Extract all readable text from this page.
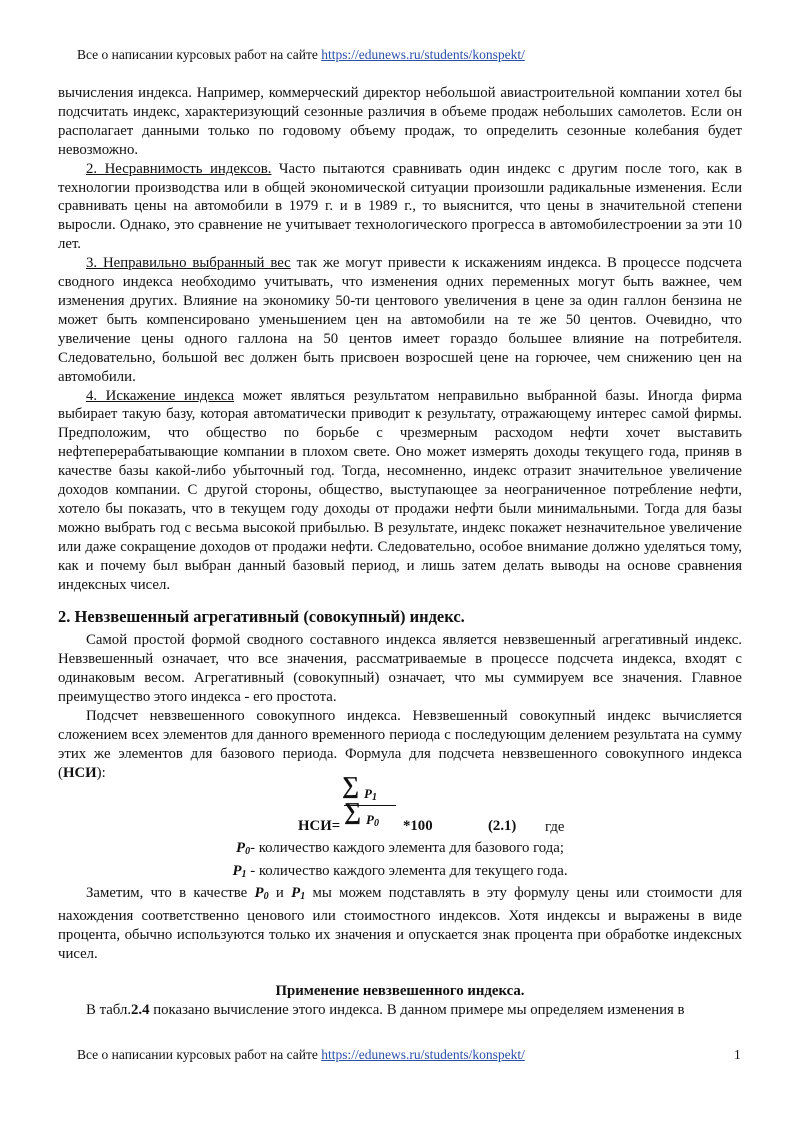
Все о написании курсовых работ на сайте https://edunews.ru/students/konspekt/

вычисления индекса. Например, коммерческий директор небольшой авиастроительной компании хотел бы подсчитать индекс, характеризующий сезонные различия в объеме продаж небольших самолетов. Если он располагает данными только по годовому объему продаж, то определить сезонные колебания будет невозможно.

2. Несравнимость индексов. Часто пытаются сравнивать один индекс с другим после того, как в технологии производства или в общей экономической ситуации произошли радикальные изменения. Если сравнивать цены на автомобили в 1979 г. и в 1989 г., то выяснится, что цены в значительной степени выросли. Однако, это сравнение не учитывает технологического прогресса в автомобилестроении за эти 10 лет.

3. Неправильно выбранный вес так же могут привести к искажениям индекса. В процессе подсчета сводного индекса необходимо учитывать, что изменения одних переменных могут быть важнее, чем изменения других. Влияние на экономику 50-ти центового увеличения в цене за один галлон бензина не может быть компенсировано уменьшением цен на автомобили на те же 50 центов. Очевидно, что увеличение цены одного галлона на 50 центов имеет гораздо большее влияние на потребителя. Следовательно, большой вес должен быть присвоен возросшей цене на горючее, чем снижению цен на автомобили.

4. Искажение индекса может являться результатом неправильно выбранной базы. Иногда фирма выбирает такую базу, которая автоматически приводит к результату, отражающему интерес самой фирмы. Предположим, что общество по борьбе с чрезмерным расходом нефти хочет выставить нефтеперерабатывающие компании в плохом свете. Оно может измерять доходы текущего года, приняв в качестве базы какой-либо убыточный год. Тогда, несомненно, индекс отразит значительное увеличение доходов компании. С другой стороны, общество, выступающее за неограниченное потребление нефти, хотело бы показать, что в текущем году доходы от продажи нефти были минимальными. Тогда для базы можно выбрать год с весьма высокой прибылью. В результате, индекс покажет незначительное увеличение или даже сокращение доходов от продажи нефти. Следовательно, особое внимание должно уделяться тому, как и почему был выбран данный базовый период, и лишь затем делать выводы на основе сравнения индексных чисел.

2. Невзвешенный агрегативный (совокупный) индекс.

Самой простой формой сводного составного индекса является невзвешенный агрегативный индекс. Невзвешенный означает, что все значения, рассматриваемые в процессе подсчета индекса, входят с одинаковым весом. Агрегативный (совокупный) означает, что мы суммируем все значения. Главное преимущество этого индекса - его простота.

Подсчет невзвешенного совокупного индекса. Невзвешенный совокупный индекс вычисляется сложением всех элементов для данного временного периода с последующим делением результата на сумму этих же элементов для базового периода. Формула для подсчета невзвешенного совокупного индекса (НСИ):

НСИ=
∑ $P_1$
∑ $P_0$ *100	(2.1) где

$P_0-$ количество каждого элемента для базового года;

$P_1$ - количество каждого элемента для текущего года.

Заметим, что в качестве $P_0$ и $P_1$ мы можем подставлять в эту формулу цены или стоимости для нахождения соответственно ценового или стоимостного индексов. Хотя индексы и выражены в виде процента, обычно используются только их значения и опускается знак процента при обработке индексных чисел.

Применение невзвешенного индекса.

В табл.2.4 показано вычисление этого индекса. В данном примере мы определяем изменения в

Все о написании курсовых работ на сайте https://edunews.ru/students/konspekt/	1
